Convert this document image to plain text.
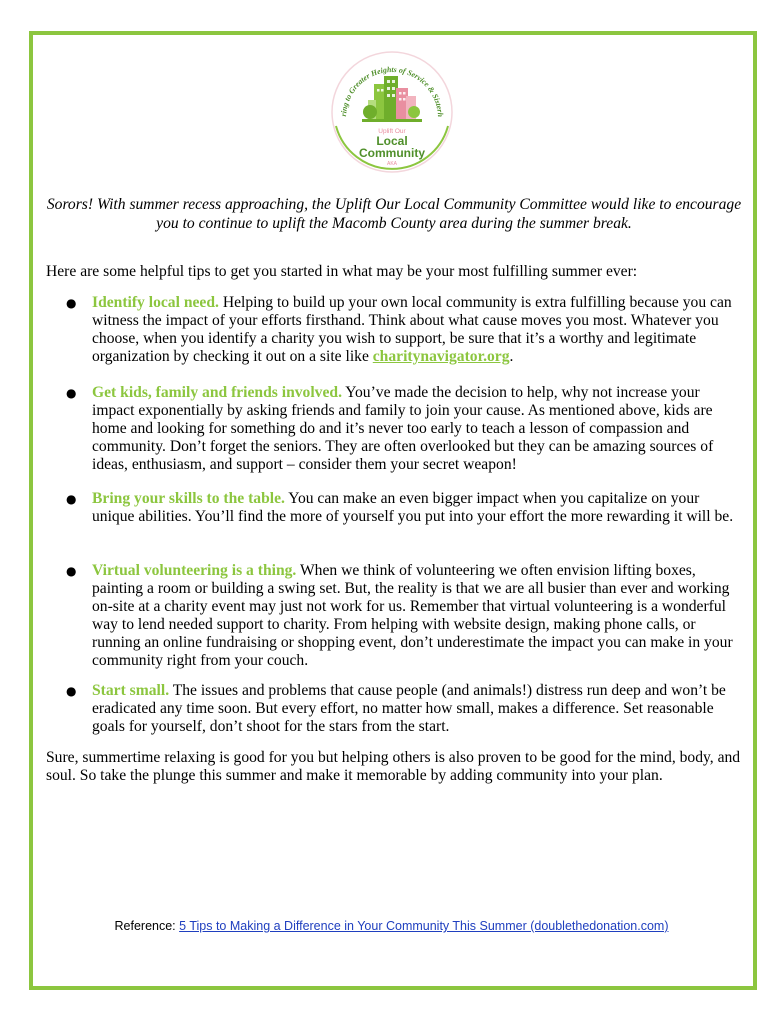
ring to Greater Heights of Service & Sisterh
Uplift Our
Local
Community
AKA
Sorors! With summer recess approaching, the Uplift Our Local Community Committee would like to encourage you to continue to uplift the Macomb County area during the summer break.
Here are some helpful tips to get you started in what may be your most fulfilling summer ever:
● Identify local need. Helping to build up your own local community is extra fulfilling because you can witness the impact of your efforts firsthand. Think about what cause moves you most. Whatever you choose, when you identify a charity you wish to support, be sure that it’s a worthy and legitimate organization by checking it out on a site like charitynavigator.org.
● Get kids, family and friends involved. You’ve made the decision to help, why not increase your impact exponentially by asking friends and family to join your cause. As mentioned above, kids are home and looking for something do and it’s never too early to teach a lesson of compassion and community. Don’t forget the seniors. They are often overlooked but they can be amazing sources of ideas, enthusiasm, and support – consider them your secret weapon!
● Bring your skills to the table. You can make an even bigger impact when you capitalize on your unique abilities. You’ll find the more of yourself you put into your effort the more rewarding it will be.
● Virtual volunteering is a thing. When we think of volunteering we often envision lifting boxes, painting a room or building a swing set. But, the reality is that we are all busier than ever and working on-site at a charity event may just not work for us. Remember that virtual volunteering is a wonderful way to lend needed support to charity. From helping with website design, making phone calls, or running an online fundraising or shopping event, don’t underestimate the impact you can make in your community right from your couch.
● Start small. The issues and problems that cause people (and animals!) distress run deep and won’t be eradicated any time soon. But every effort, no matter how small, makes a difference. Set reasonable goals for yourself, don’t shoot for the stars from the start.
Sure, summertime relaxing is good for you but helping others is also proven to be good for the mind, body, and soul. So take the plunge this summer and make it memorable by adding community into your plan.
Reference: 5 Tips to Making a Difference in Your Community This Summer (doublethedonation.com)
